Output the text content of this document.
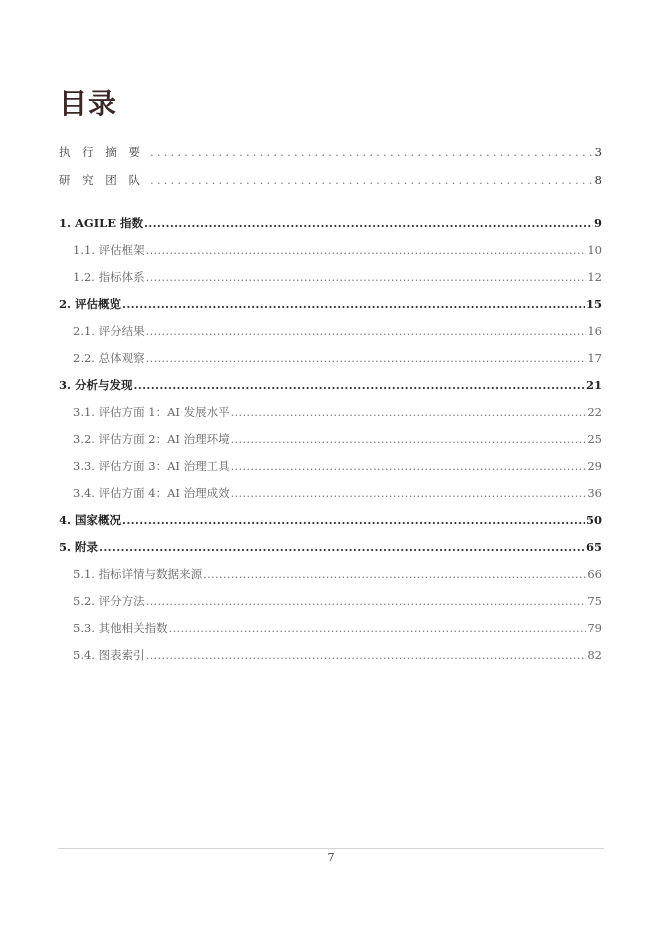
目录
执 行 摘 要 .....	3
研 究 团 队 .....	8
1. AGILE 指数 .....	9
1.1. 评估框架 .....	10
1.2. 指标体系 .....	12
2. 评估概览 .....	15
2.1. 评分结果 .....	16
2.2. 总体观察 .....	17
3. 分析与发现 .....	21
3.1. 评估方面 1：AI 发展水平 .....	22
3.2. 评估方面 2：AI 治理环境 .....	25
3.3. 评估方面 3：AI 治理工具 .....	29
3.4. 评估方面 4：AI 治理成效 .....	36
4. 国家概况 .....	50
5. 附录 .....	65
5.1. 指标详情与数据来源 .....	66
5.2. 评分方法 .....	75
5.3. 其他相关指数 .....	79
5.4. 图表索引 .....	82
7
